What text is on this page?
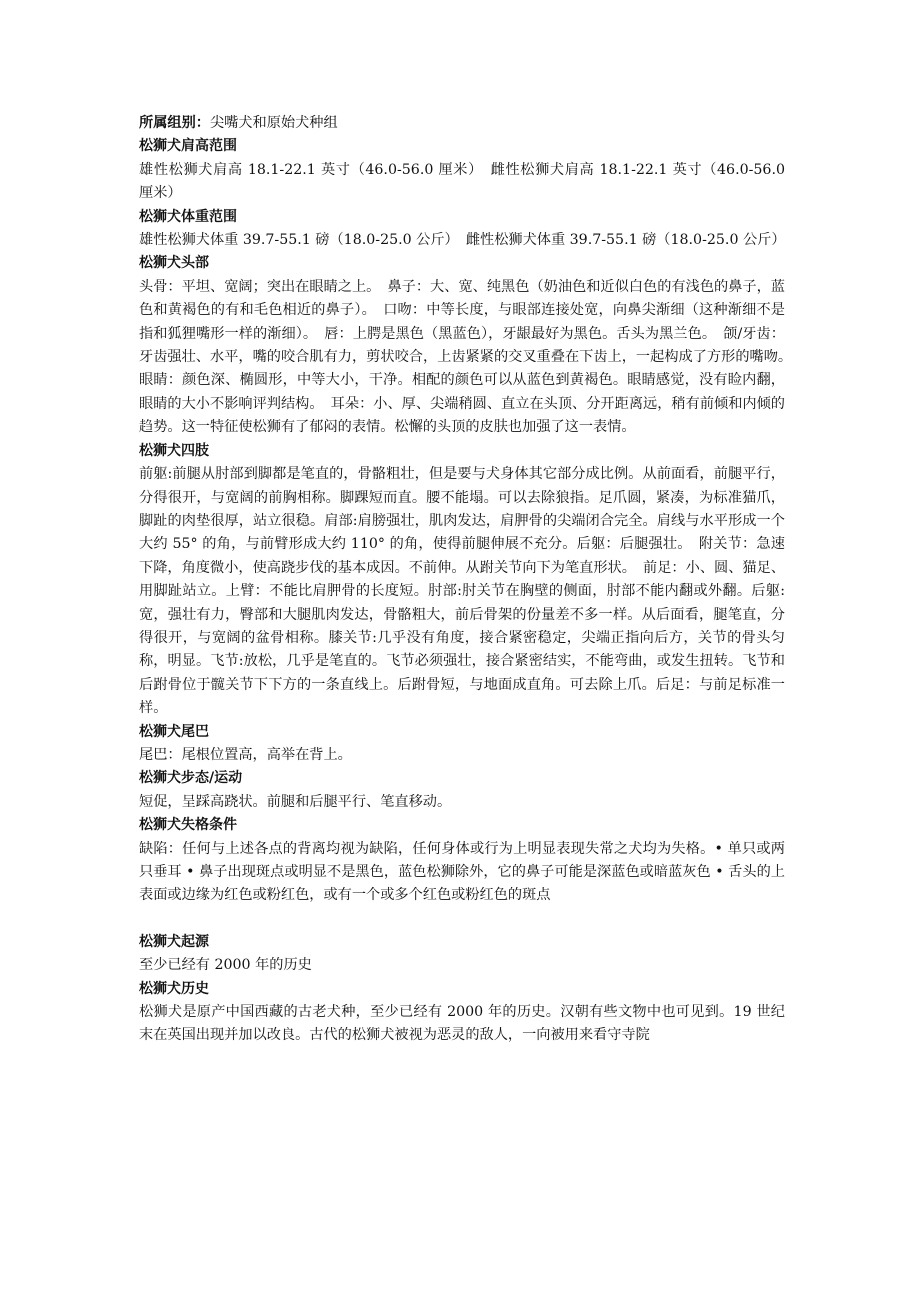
所属组别：尖嘴犬和原始犬种组

松狮犬肩高范围

雄性松狮犬肩高 18.1-22.1 英寸（46.0-56.0 厘米）　雌性松狮犬肩高 18.1-22.1 英寸（46.0-56.0 厘米）

松狮犬体重范围

雄性松狮犬体重 39.7-55.1 磅（18.0-25.0 公斤）　雌性松狮犬体重 39.7-55.1 磅（18.0-25.0 公斤）

松狮犬头部

头骨：平坦、宽阔；突出在眼睛之上。　鼻子：大、宽、纯黑色（奶油色和近似白色的有浅色的鼻子，蓝色和黄褐色的有和毛色相近的鼻子）。　口吻：中等长度，与眼部连接处宽，向鼻尖渐细（这种渐细不是指和狐狸嘴形一样的渐细）。　唇：上腭是黑色（黑蓝色），牙龈最好为黑色。舌头为黑兰色。　颌/牙齿：牙齿强壮、水平，嘴的咬合肌有力，剪状咬合，上齿紧紧的交叉重叠在下齿上，一起构成了方形的嘴吻。　眼睛：颜色深、椭圆形，中等大小，干净。相配的颜色可以从蓝色到黄褐色。眼睛感觉，没有睑内翻，眼睛的大小不影响评判结构。　耳朵：小、厚、尖端稍圆、直立在头顶、分开距离远，稍有前倾和内倾的趋势。这一特征使松狮有了郁闷的表情。松懈的头顶的皮肤也加强了这一表情。

松狮犬四肢

前躯:前腿从肘部到脚都是笔直的，骨骼粗壮，但是要与犬身体其它部分成比例。从前面看，前腿平行，分得很开，与宽阔的前胸相称。脚踝短而直。腰不能塌。可以去除狼指。足爪圆，紧凑，为标准猫爪，脚趾的肉垫很厚，站立很稳。肩部:肩膀强壮，肌肉发达，肩胛骨的尖端闭合完全。肩线与水平形成一个大约 55° 的角，与前臂形成大约 110° 的角，使得前腿伸展不充分。后躯：后腿强壮。　附关节：急速下降，角度微小，使高跷步伐的基本成因。不前伸。从跗关节向下为笔直形状。　前足：小、圆、猫足、用脚趾站立。上臂：不能比肩胛骨的长度短。肘部:肘关节在胸壁的侧面，肘部不能内翻或外翻。后躯:宽，强壮有力，臀部和大腿肌肉发达，骨骼粗大，前后骨架的份量差不多一样。从后面看，腿笔直，分得很开，与宽阔的盆骨相称。膝关节:几乎没有角度，接合紧密稳定，尖端正指向后方，关节的骨头匀称，明显。飞节:放松，几乎是笔直的。飞节必须强壮，接合紧密结实，不能弯曲，或发生扭转。飞节和后跗骨位于髋关节下下方的一条直线上。后跗骨短，与地面成直角。可去除上爪。后足：与前足标准一样。

松狮犬尾巴

尾巴：尾根位置高，高举在背上。

松狮犬步态/运动

短促，呈踩高跷状。前腿和后腿平行、笔直移动。

松狮犬失格条件

缺陷：任何与上述各点的背离均视为缺陷，任何身体或行为上明显表现失常之犬均为失格。• 单只或两只垂耳 • 鼻子出现斑点或明显不是黑色，蓝色松狮除外，它的鼻子可能是深蓝色或暗蓝灰色 • 舌头的上表面或边缘为红色或粉红色，或有一个或多个红色或粉红色的斑点

松狮犬起源

至少已经有 2000 年的历史

松狮犬历史

松狮犬是原产中国西藏的古老犬种，至少已经有 2000 年的历史。汉朝有些文物中也可见到。19 世纪末在英国出现并加以改良。古代的松狮犬被视为恶灵的敌人，一向被用来看守寺院
